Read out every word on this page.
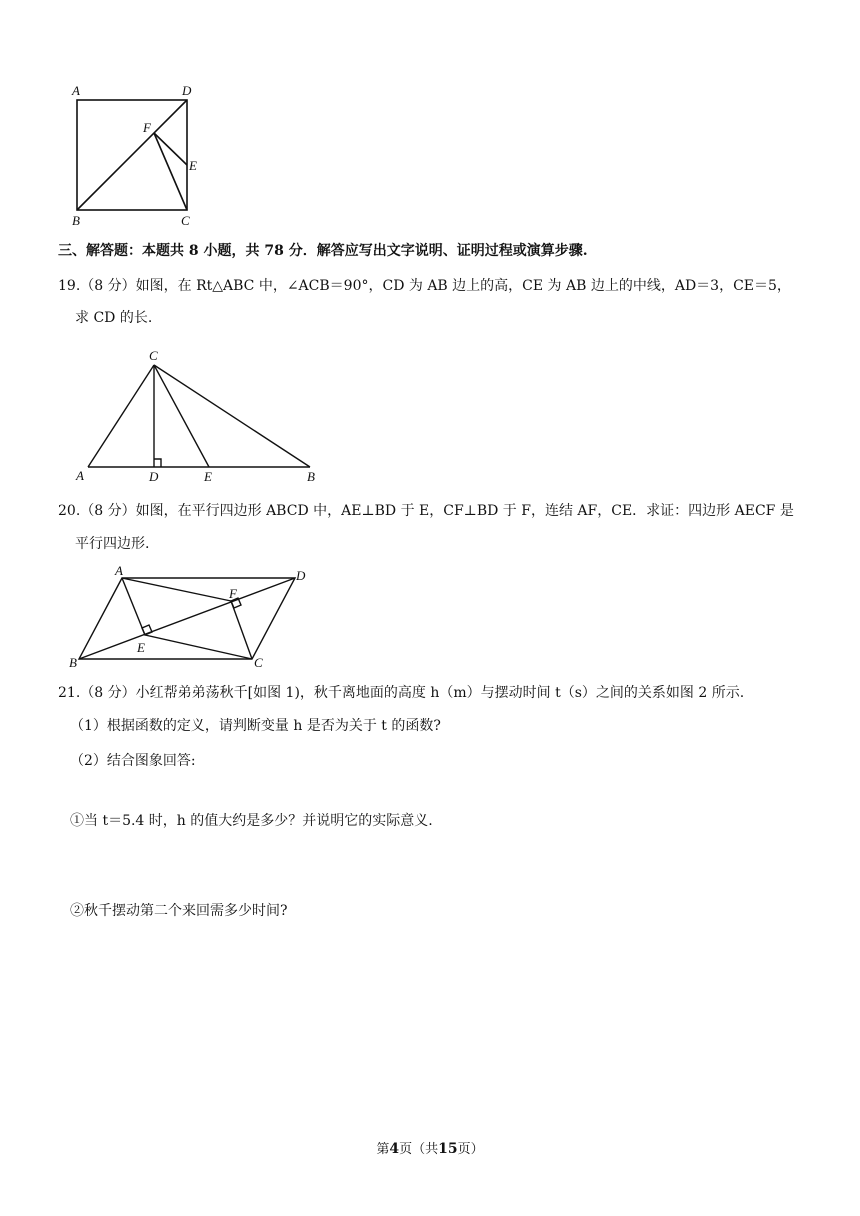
A	D
F
E
B	C
三、解答题：本题共 8 小题，共 78 分．解答应写出文字说明、证明过程或演算步骤.
19.（8 分）如图，在 Rt△ABC 中，∠ACB＝90°，CD 为 AB 边上的高，CE 为 AB 边上的中线，AD＝3，CE＝5，
求 CD 的长.
C
A	D	E	B
20.（8 分）如图，在平行四边形 ABCD 中，AE⊥BD 于 E，CF⊥BD 于 F，连结 AF，CE．求证：四边形 AECF 是
平行四边形.
A	D
F
E
B	C
21.（8 分）小红帮弟弟荡秋千[如图 1)，秋千离地面的高度 h（m）与摆动时间 t（s）之间的关系如图 2 所示.
（1）根据函数的定义，请判断变量 h 是否为关于 t 的函数?
（2）结合图象回答:
①当 t＝5.4 时，h 的值大约是多少？并说明它的实际意义.
②秋千摆动第二个来回需多少时间?
第4页（共15页）
